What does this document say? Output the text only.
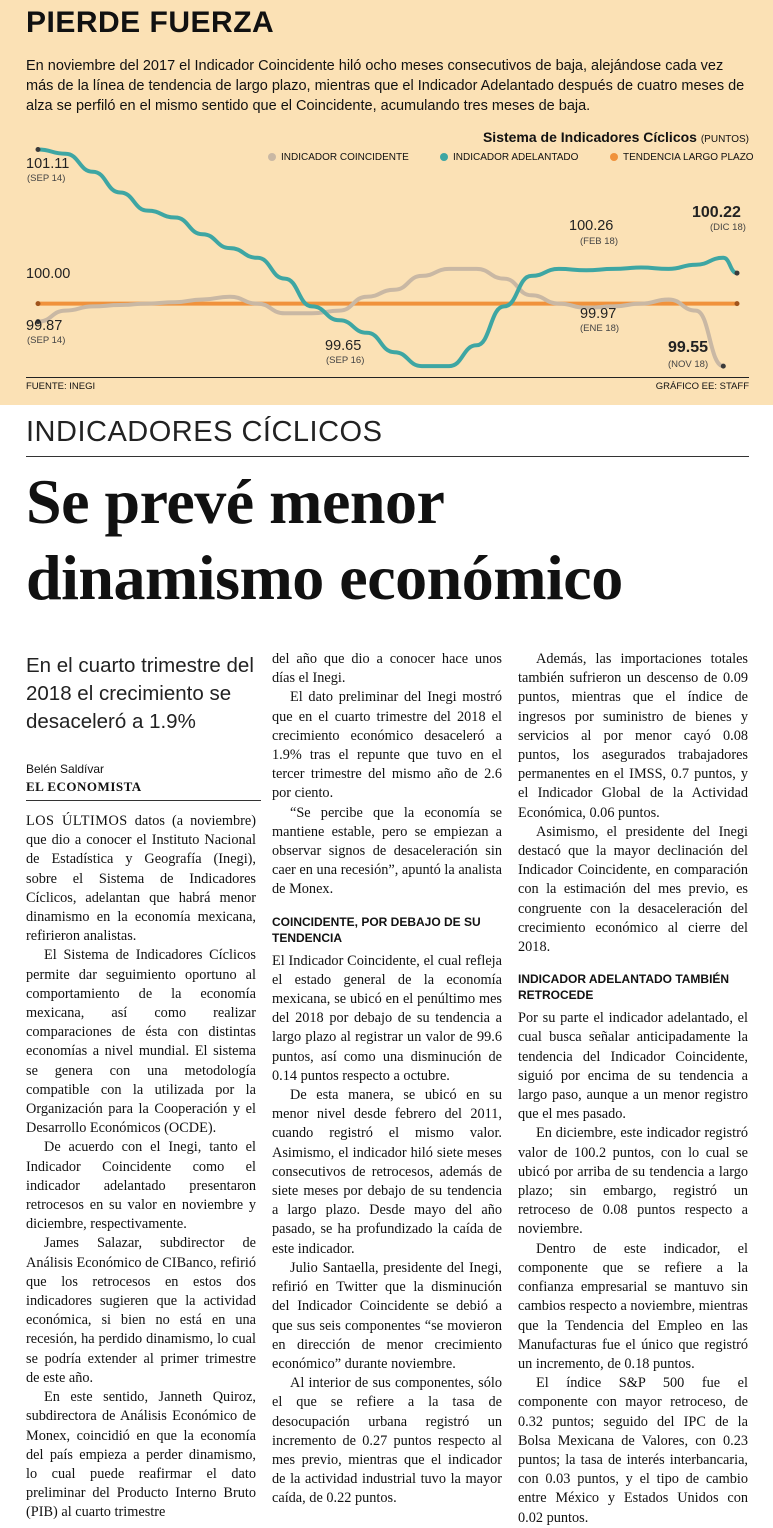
PIERDE FUERZA

En noviembre del 2017 el Indicador Coincidente hiló ocho meses consecutivos de baja, alejándose cada vez más de la línea de tendencia de largo plazo, mientras que el Indicador Adelantado después de cuatro meses de alza se perfiló en el mismo sentido que el Coincidente, acumulando tres meses de baja.

Sistema de Indicadores Cíclicos (PUNTOS)
INDICADOR COINCIDENTE	INDICADOR ADELANTADO	TENDENCIA LARGO PLAZO
101.11
(SEP 14)
100.00
99.87
(SEP 14)	99.65
(SEP 16)
100.26
(FEB 18)
99.97
(ENE 18)
100.22
(DIC 18)
99.55
(NOV 18)
FUENTE: INEGI	GRÁFICO EE: STAFF
INDICADORES CÍCLICOS
Se prevé menor dinamismo económico
En el cuarto trimestre del 2018 el crecimiento se desaceleró a 1.9%
Belén Saldívar
EL ECONOMISTA

LOS ÚLTIMOS datos (a noviembre) que dio a conocer el Instituto Nacional de Estadística y Geografía (Inegi), sobre el Sistema de Indicadores Cíclicos, adelantan que habrá menor dinamismo en la economía mexicana, refirieron analistas.

El Sistema de Indicadores Cíclicos permite dar seguimiento oportuno al comportamiento de la economía mexicana, así como realizar comparaciones de ésta con distintas economías a nivel mundial. El sistema se genera con una metodología compatible con la utilizada por la Organización para la Cooperación y el Desarrollo Económicos (OCDE).

De acuerdo con el Inegi, tanto el Indicador Coincidente como el indicador adelantado presentaron retrocesos en su valor en noviembre y diciembre, respectivamente.

James Salazar, subdirector de Análisis Económico de CIBanco, refirió que los retrocesos en estos dos indicadores sugieren que la actividad económica, si bien no está en una recesión, ha perdido dinamismo, lo cual se podría extender al primer trimestre de este año.

En este sentido, Janneth Quiroz, subdirectora de Análisis Económico de Monex, coincidió en que la economía del país empieza a perder dinamismo, lo cual puede reafirmar el dato preliminar del Producto Interno Bruto (PIB) al cuarto trimestre

del año que dio a conocer hace unos días el Inegi.

El dato preliminar del Inegi mostró que en el cuarto trimestre del 2018 el crecimiento económico desaceleró a 1.9% tras el repunte que tuvo en el tercer trimestre del mismo año de 2.6 por ciento.

“Se percibe que la economía se mantiene estable, pero se empiezan a observar signos de desaceleración sin caer en una recesión”, apuntó la analista de Monex.

COINCIDENTE, POR DEBAJO DE SU TENDENCIA

El Indicador Coincidente, el cual refleja el estado general de la economía mexicana, se ubicó en el penúltimo mes del 2018 por debajo de su tendencia a largo plazo al registrar un valor de 99.6 puntos, así como una disminución de 0.14 puntos respecto a octubre.

De esta manera, se ubicó en su menor nivel desde febrero del 2011, cuando registró el mismo valor. Asimismo, el indicador hiló siete meses consecutivos de retrocesos, además de siete meses por debajo de su tendencia a largo plazo. Desde mayo del año pasado, se ha profundizado la caída de este indicador.

Julio Santaella, presidente del Inegi, refirió en Twitter que la disminución del Indicador Coincidente se debió a que sus seis componentes “se movieron en dirección de menor crecimiento económico” durante noviembre.

Al interior de sus componentes, sólo el que se refiere a la tasa de desocupación urbana registró un incremento de 0.27 puntos respecto al mes previo, mientras que el indicador de la actividad industrial tuvo la mayor caída, de 0.22 puntos.

Además, las importaciones totales también sufrieron un descenso de 0.09 puntos, mientras que el índice de ingresos por suministro de bienes y servicios al por menor cayó 0.08 puntos, los asegurados trabajadores permanentes en el IMSS, 0.7 puntos, y el Indicador Global de la Actividad Económica, 0.06 puntos.

Asimismo, el presidente del Inegi destacó que la mayor declinación del Indicador Coincidente, en comparación con la estimación del mes previo, es congruente con la desaceleración del crecimiento económico al cierre del 2018.

INDICADOR ADELANTADO TAMBIÉN RETROCEDE

Por su parte el indicador adelantado, el cual busca señalar anticipadamente la tendencia del Indicador Coincidente, siguió por encima de su tendencia a largo paso, aunque a un menor registro que el mes pasado.

En diciembre, este indicador registró valor de 100.2 puntos, con lo cual se ubicó por arriba de su tendencia a largo plazo; sin embargo, registró un retroceso de 0.08 puntos respecto a noviembre.

Dentro de este indicador, el componente que se refiere a la confianza empresarial se mantuvo sin cambios respecto a noviembre, mientras que la Tendencia del Empleo en las Manufacturas fue el único que registró un incremento, de 0.18 puntos.

El índice S&P 500 fue el componente con mayor retroceso, de 0.32 puntos; seguido del IPC de la Bolsa Mexicana de Valores, con 0.23 puntos; la tasa de interés interbancaria, con 0.03 puntos, y el tipo de cambio entre México y Estados Unidos con 0.02 puntos.
